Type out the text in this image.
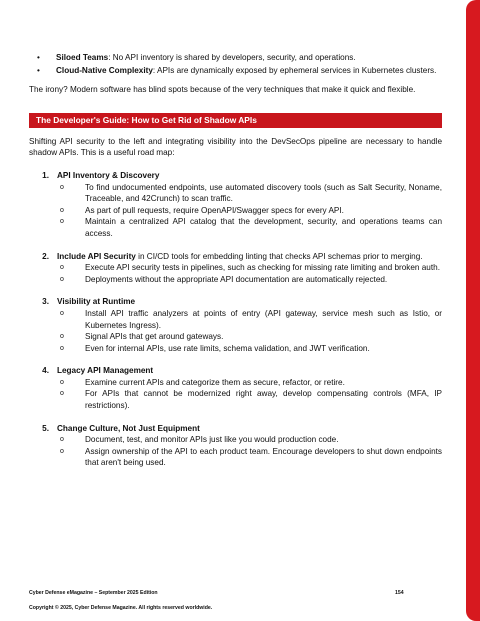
• Siloed Teams: No API inventory is shared by developers, security, and operations.
• Cloud-Native Complexity: APIs are dynamically exposed by ephemeral services in Kubernetes clusters.

The irony? Modern software has blind spots because of the very techniques that make it quick and flexible.

The Developer's Guide: How to Get Rid of Shadow APIs

Shifting API security to the left and integrating visibility into the DevSecOps pipeline are necessary to handle shadow APIs. This is a useful road map:

1. API Inventory & Discovery
o	To find undocumented endpoints, use automated discovery tools (such as Salt Security, Noname, Traceable, and 42Crunch) to scan traffic.
o	As part of pull requests, require OpenAPI/Swagger specs for every API.
o	Maintain a centralized API catalog that the development, security, and operations teams can access.
2. Include API Security in CI/CD tools for embedding linting that checks API schemas prior to merging.
o	Execute API security tests in pipelines, such as checking for missing rate limiting and broken auth.
o	Deployments without the appropriate API documentation are automatically rejected.
3. Visibility at Runtime
o	Install API traffic analyzers at points of entry (API gateway, service mesh such as Istio, or Kubernetes Ingress).
o	Signal APIs that get around gateways.
o	Even for internal APIs, use rate limits, schema validation, and JWT verification.
4. Legacy API Management
o	Examine current APIs and categorize them as secure, refactor, or retire.
o	For APIs that cannot be modernized right away, develop compensating controls (MFA, IP restrictions).
5. Change Culture, Not Just Equipment
o	Document, test, and monitor APIs just like you would production code.
o	Assign ownership of the API to each product team. Encourage developers to shut down endpoints that aren't being used.
Cyber Defense eMagazine – September 2025 Edition	154
Copyright © 2025, Cyber Defense Magazine. All rights reserved worldwide.
